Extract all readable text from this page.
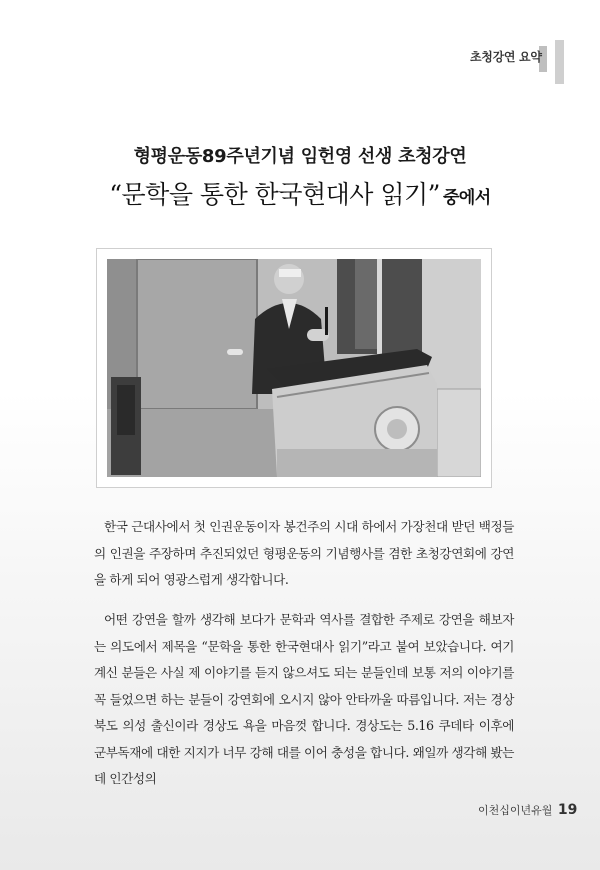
초청강연 요약
형평운동89주년기념 임헌영 선생 초청강연
“문학을 통한 한국현대사 읽기” 중에서

한국 근대사에서 첫 인권운동이자 봉건주의 시대 하에서 가장천대 받던 백정들의 인권을 주장하며 추진되었던 형평운동의 기념행사를 겸한 초청강연회에 강연을 하게 되어 영광스럽게 생각합니다.

어떤 강연을 할까 생각해 보다가 문학과 역사를 결합한 주제로 강연을 해보자는 의도에서 제목을 “문학을 통한 한국현대사 읽기”라고 붙여 보았습니다. 여기 계신 분들은 사실 제 이야기를 듣지 않으셔도 되는 분들인데 보통 저의 이야기를 꼭 들었으면 하는 분들이 강연회에 오시지 않아 안타까울 따름입니다. 저는 경상북도 의성 출신이라 경상도 욕을 마음껏 합니다. 경상도는 5.16 쿠데타 이후에 군부독재에 대한 지지가 너무 강해 대를 이어 충성을 합니다. 왜일까 생각해 봤는데 인간성의

이천십이년유월 19
